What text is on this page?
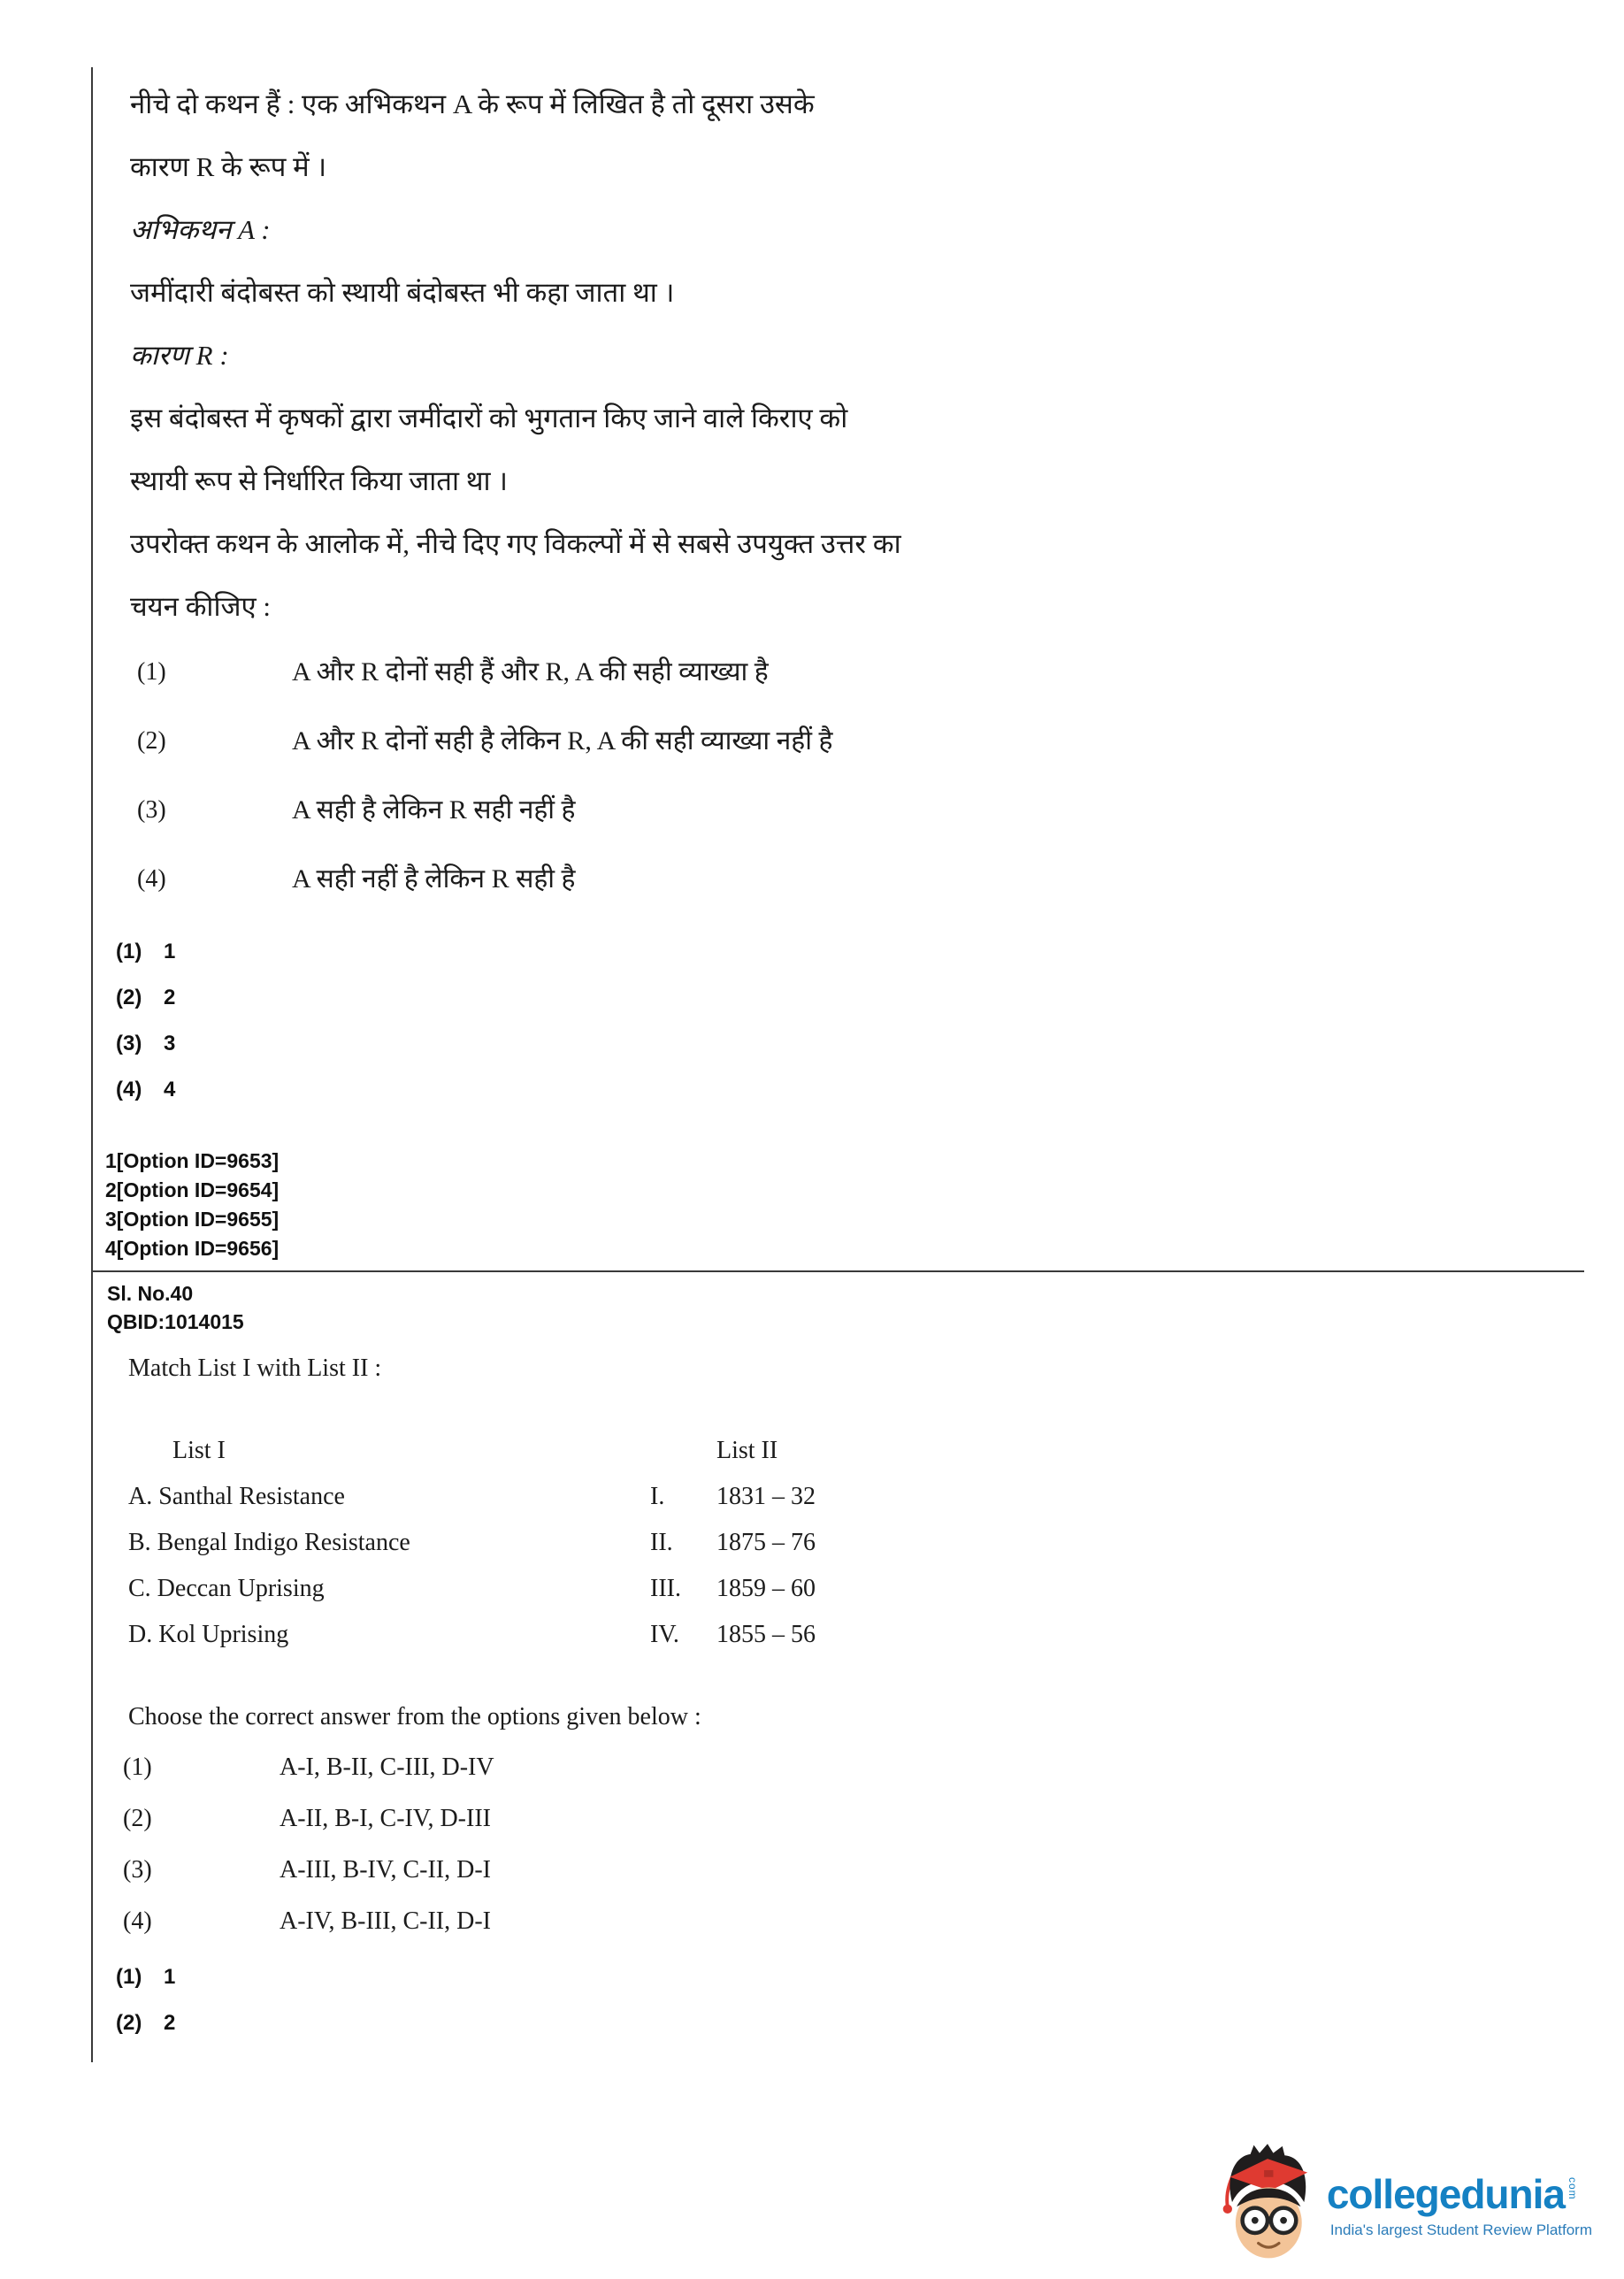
नीचे दो कथन हैं : एक अभिकथन A के रूप में लिखित है तो दूसरा उसके
कारण R के रूप में ।
अभिकथन A :
जमींदारी बंदोबस्त को स्थायी बंदोबस्त भी कहा जाता था ।
कारण R :
इस बंदोबस्त में कृषकों द्वारा जमींदारों को भुगतान किए जाने वाले किराए को
स्थायी रूप से निर्धारित किया जाता था ।
उपरोक्त कथन के आलोक में, नीचे दिए गए विकल्पों में से सबसे उपयुक्त उत्तर का
चयन कीजिए :
(1)	A और R दोनों सही हैं और R, A की सही व्याख्या है
(2)	A और R दोनों सही है लेकिन R, A की सही व्याख्या नहीं है
(3)	A सही है लेकिन R सही नहीं है
(4)	A सही नहीं है लेकिन R सही है
(1)	1
(2)	2
(3)	3
(4)	4
1[Option ID=9653]
2[Option ID=9654]
3[Option ID=9655]
4[Option ID=9656]
Sl. No.40
QBID:1014015
Match List I with List II :
List I	List II
A. Santhal Resistance	I.	1831 – 32
B. Bengal Indigo Resistance	II.	1875 – 76
C. Deccan Uprising	III.	1859 – 60
D. Kol Uprising	IV.	1855 – 56
Choose the correct answer from the options given below :
(1)	A-I, B-II, C-III, D-IV
(2)	A-II, B-I, C-IV, D-III
(3)	A-III, B-IV, C-II, D-I
(4)	A-IV, B-III, C-II, D-I
(1)	1
(2)	2
collegedunia com
India's largest Student Review Platform
